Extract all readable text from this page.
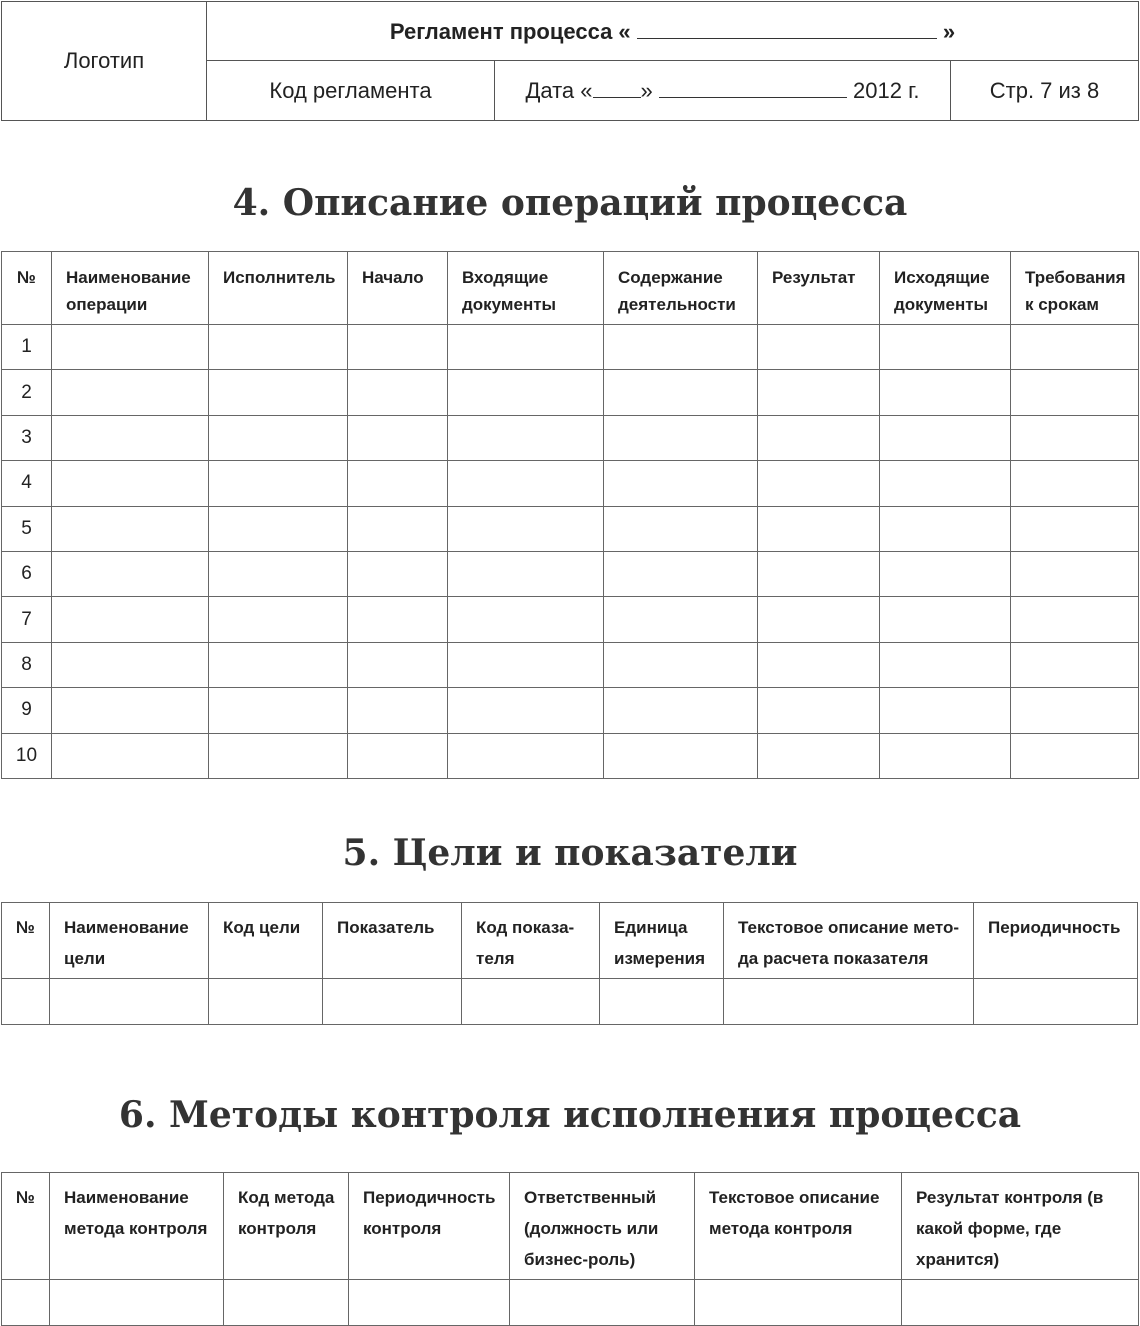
Логотип	Регламент процесса « »		
	Код регламента	Дата « » 2012 г.	Стр. 7 из 8
4. Описание операций процесса
№	Наименование операции	Исполнитель	Начало	Входящие документы	Содержание деятельности	Результат	Исходящие документы	Требования к срокам
1								
2								
3								
4								
5								
6								
7								
8								
9								
10								
5. Цели и показатели
№	Наименование цели	Код цели	Показатель	Код показа-теля	Единица измерения	Текстовое описание мето-да расчета показателя	Периодичность

6. Методы контроля исполнения процесса
№	Наименование метода контроля	Код метода контроля	Периодичность контроля	Ответственный (должность или бизнес-роль)	Текстовое описание метода контроля	Результат контроля (в какой форме, где хранится)
